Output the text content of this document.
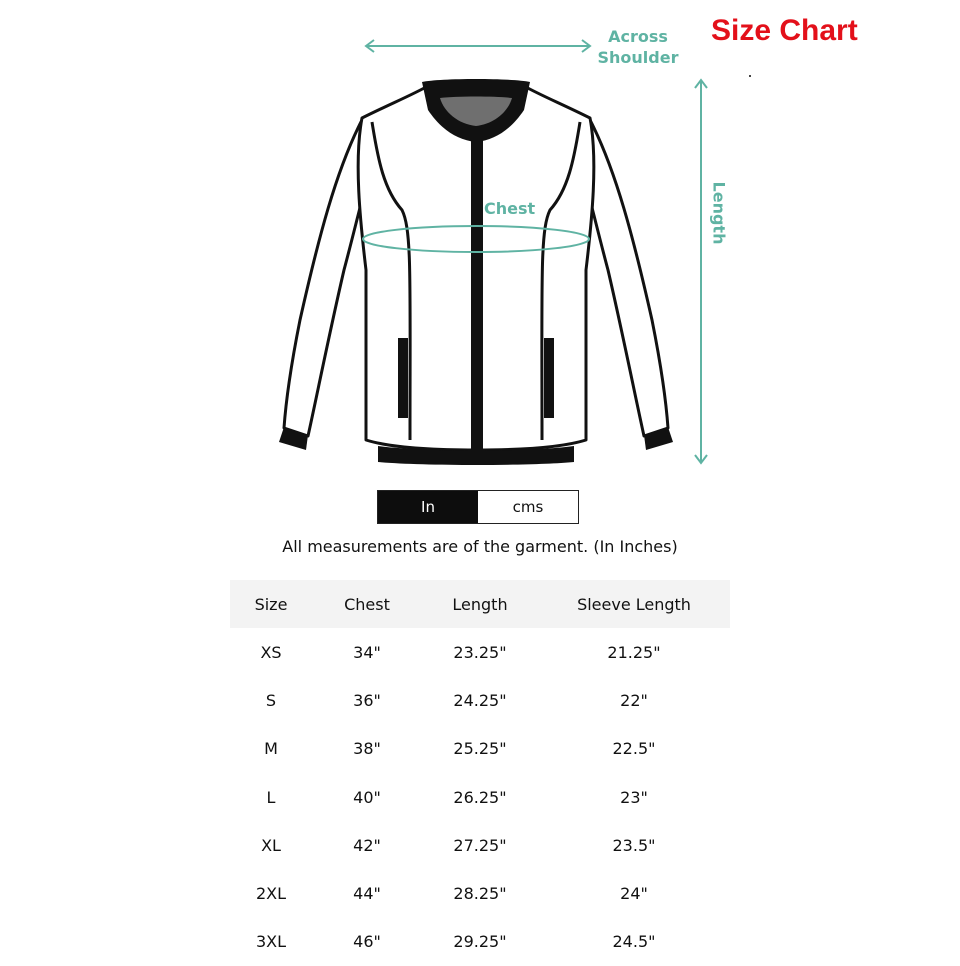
Size Chart
Across
Shoulder
Chest	Length
In	cms
All measurements are of the garment. (In Inches)
Size	Chest	Length	Sleeve Length
XS	34"	23.25"	21.25"
S	36"	24.25"	22"
M	38"	25.25"	22.5"
L	40"	26.25"	23"
XL	42"	27.25"	23.5"
2XL	44"	28.25"	24"
3XL	46"	29.25"	24.5"
